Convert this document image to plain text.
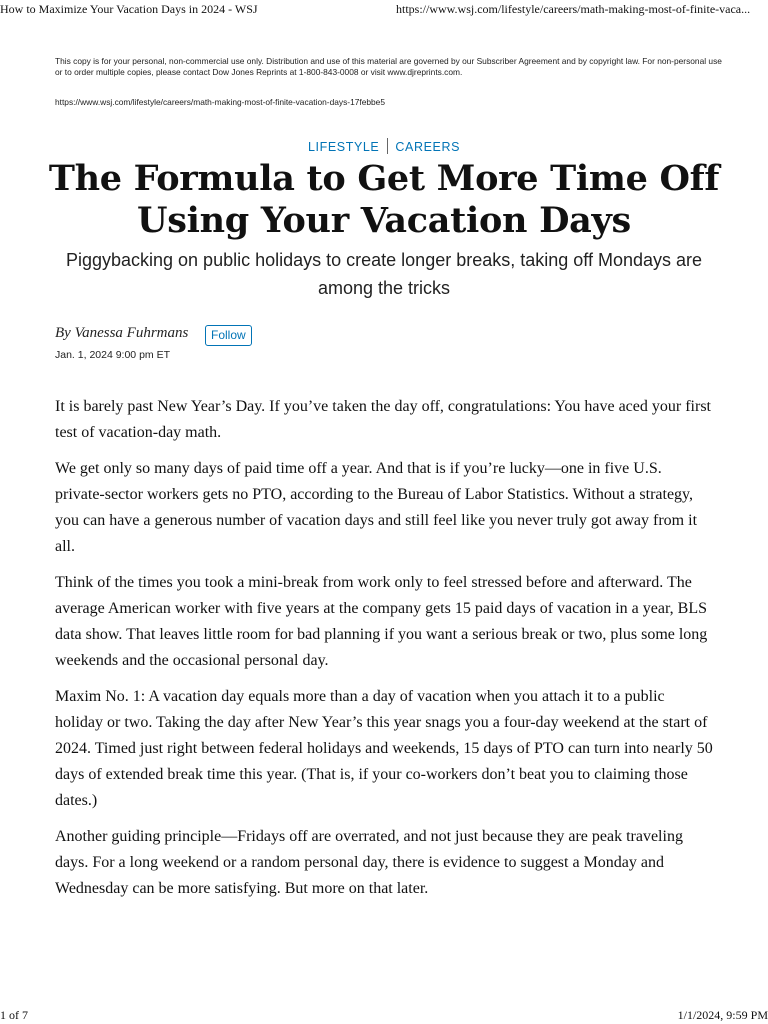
How to Maximize Your Vacation Days in 2024 - WSJ	https://www.wsj.com/lifestyle/careers/math-making-most-of-finite-vaca...
This copy is for your personal, non-commercial use only. Distribution and use of this material are governed by our Subscriber Agreement and by copyright law. For non-personal use or to order multiple copies, please contact Dow Jones Reprints at 1-800-843-0008 or visit www.djreprints.com.
https://www.wsj.com/lifestyle/careers/math-making-most-of-finite-vacation-days-17febbe5
LIFESTYLE CAREERS
The Formula to Get More Time Off Using Your Vacation Days
Piggybacking on public holidays to create longer breaks, taking off Mondays are among the tricks
By Vanessa Fuhrmans	Follow
Jan. 1, 2024 9:00 pm ET

It is barely past New Year’s Day. If you’ve taken the day off, congratulations: You have aced your first test of vacation-day math.

We get only so many days of paid time off a year. And that is if you’re lucky—one in five U.S. private-sector workers gets no PTO, according to the Bureau of Labor Statistics. Without a strategy, you can have a generous number of vacation days and still feel like you never truly got away from it all.

Think of the times you took a mini-break from work only to feel stressed before and afterward. The average American worker with five years at the company gets 15 paid days of vacation in a year, BLS data show. That leaves little room for bad planning if you want a serious break or two, plus some long weekends and the occasional personal day.

Maxim No. 1: A vacation day equals more than a day of vacation when you attach it to a public holiday or two. Taking the day after New Year’s this year snags you a four-day weekend at the start of 2024. Timed just right between federal holidays and weekends, 15 days of PTO can turn into nearly 50 days of extended break time this year. (That is, if your co-workers don’t beat you to claiming those dates.)

Another guiding principle—Fridays off are overrated, and not just because they are peak traveling days. For a long weekend or a random personal day, there is evidence to suggest a Monday and Wednesday can be more satisfying. But more on that later.

1 of 7	1/1/2024, 9:59 PM
